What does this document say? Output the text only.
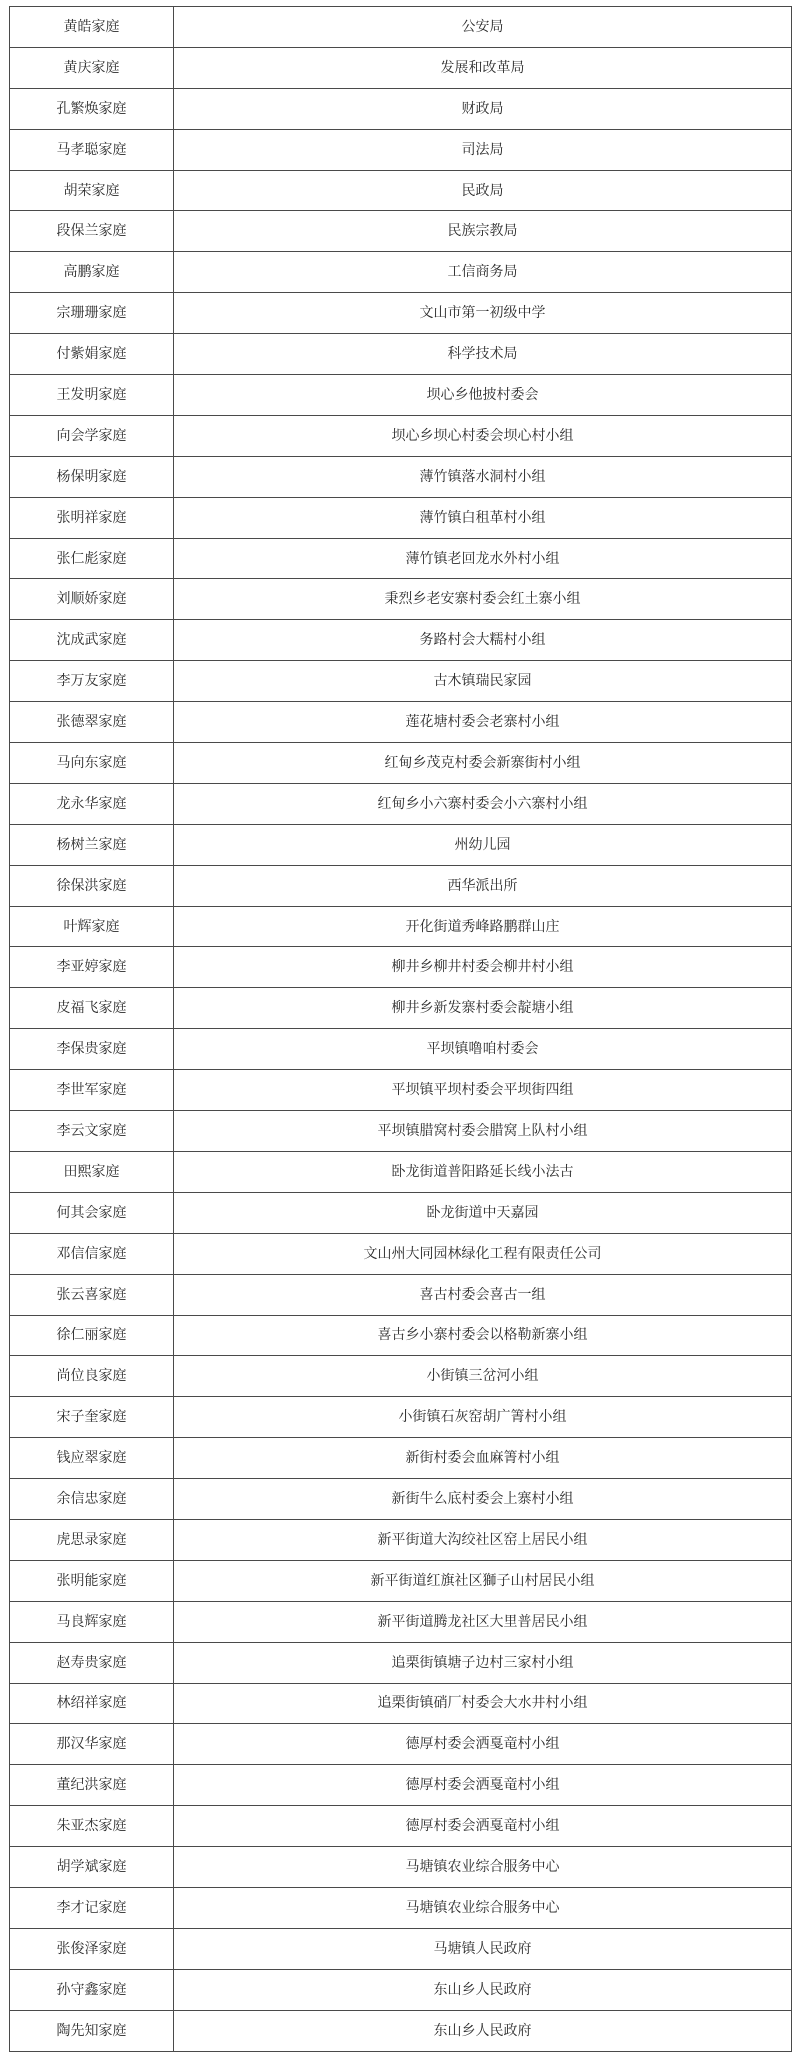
黄皓家庭	公安局
黄庆家庭	发展和改革局
孔繁焕家庭	财政局
马孝聪家庭	司法局
胡荣家庭	民政局
段保兰家庭	民族宗教局
高鹏家庭	工信商务局
宗珊珊家庭	文山市第一初级中学
付紫娟家庭	科学技术局
王发明家庭	坝心乡他披村委会
向会学家庭	坝心乡坝心村委会坝心村小组
杨保明家庭	薄竹镇落水洞村小组
张明祥家庭	薄竹镇白租革村小组
张仁彪家庭	薄竹镇老回龙水外村小组
刘顺娇家庭	秉烈乡老安寨村委会红土寨小组
沈成武家庭	务路村会大糯村小组
李万友家庭	古木镇瑞民家园
张德翠家庭	莲花塘村委会老寨村小组
马向东家庭	红甸乡茂克村委会新寨街村小组
龙永华家庭	红甸乡小六寨村委会小六寨村小组
杨树兰家庭	州幼儿园
徐保洪家庭	西华派出所
叶辉家庭	开化街道秀峰路鹏群山庄
李亚婷家庭	柳井乡柳井村委会柳井村小组
皮福飞家庭	柳井乡新发寨村委会靛塘小组
李保贵家庭	平坝镇噜咱村委会
李世军家庭	平坝镇平坝村委会平坝街四组
李云文家庭	平坝镇腊窝村委会腊窝上队村小组
田熙家庭	卧龙街道普阳路延长线小法古
何其会家庭	卧龙街道中天嘉园
邓信信家庭	文山州大同园林绿化工程有限责任公司
张云喜家庭	喜古村委会喜古一组
徐仁丽家庭	喜古乡小寨村委会以格勒新寨小组
尚位良家庭	小街镇三岔河小组
宋子奎家庭	小街镇石灰窑胡广箐村小组
钱应翠家庭	新街村委会血麻箐村小组
余信忠家庭	新街牛么底村委会上寨村小组
虎思录家庭	新平街道大沟绞社区窑上居民小组
张明能家庭	新平街道红旗社区獅子山村居民小组
马良辉家庭	新平街道腾龙社区大里普居民小组
赵寿贵家庭	追栗街镇塘子边村三家村小组
林绍祥家庭	追栗街镇硝厂村委会大水井村小组
那汉华家庭	德厚村委会洒戛竜村小组
董纪洪家庭	德厚村委会洒戛竜村小组
朱亚杰家庭	德厚村委会洒戛竜村小组
胡学斌家庭	马塘镇农业综合服务中心
李才记家庭	马塘镇农业综合服务中心
张俊泽家庭	马塘镇人民政府
孙守鑫家庭	东山乡人民政府
陶先知家庭	东山乡人民政府
